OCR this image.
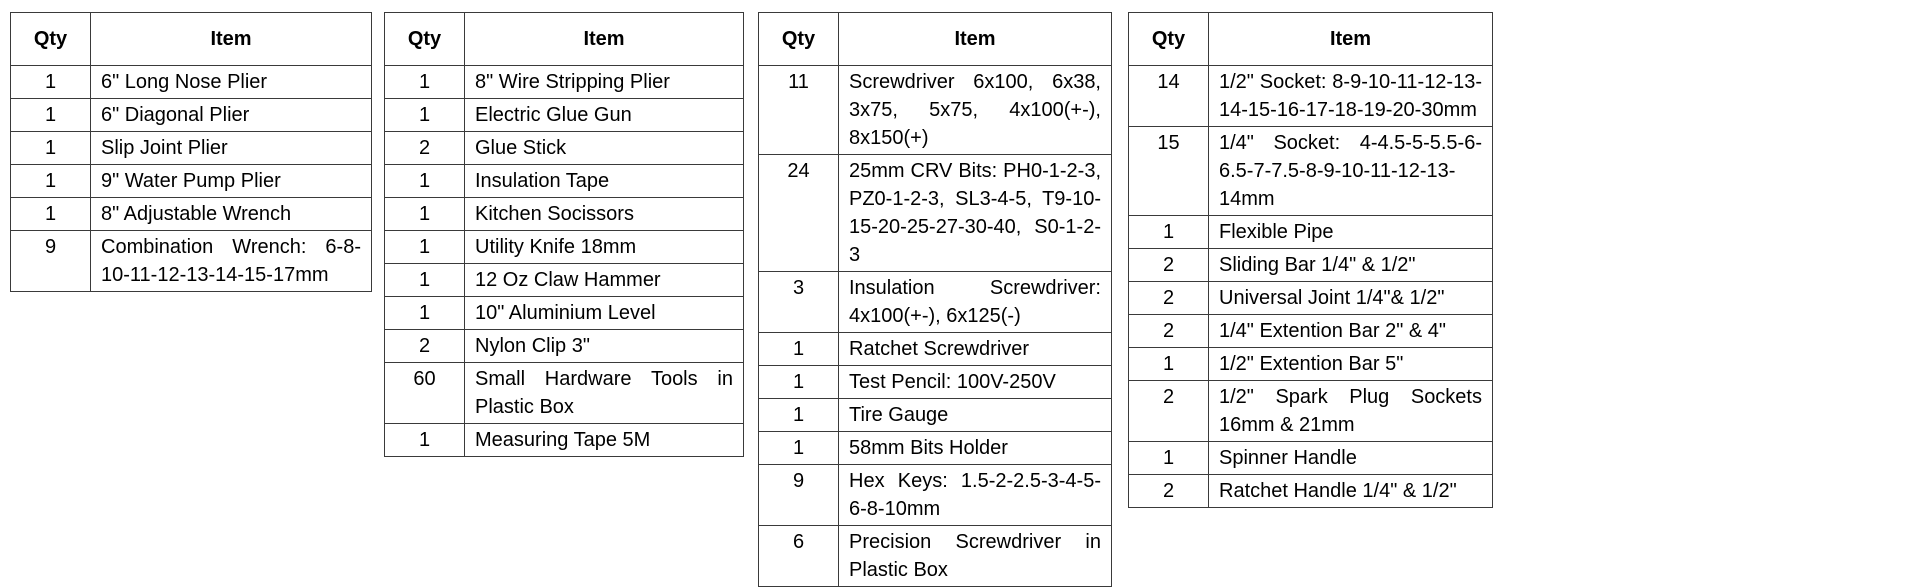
Qty	Item
1	6" Long Nose Plier
1	6" Diagonal Plier
1	Slip Joint Plier
1	9" Water Pump Plier
1	8" Adjustable Wrench
9	Combination Wrench: 6-8-10-11-12-13-14-15-17mm
Qty	Item
1	8" Wire Stripping Plier
1	Electric Glue Gun
2	Glue Stick
1	Insulation Tape
1	Kitchen Socissors
1	Utility Knife 18mm
1	12 Oz Claw Hammer
1	10" Aluminium Level
2	Nylon Clip 3"
60	Small Hardware Tools in Plastic Box
1	Measuring Tape 5M
Qty	Item
11	Screwdriver 6x100, 6x38, 3x75, 5x75, 4x100(+-), 8x150(+)
24	25mm CRV Bits: PH0-1-2-3, PZ0-1-2-3, SL3-4-5, T9-10-15-20-25-27-30-40, S0-1-2-3
3	Insulation Screwdriver: 4x100(+-), 6x125(-)
1	Ratchet Screwdriver
1	Test Pencil: 100V-250V
1	Tire Gauge
1	58mm Bits Holder
9	Hex Keys: 1.5-2-2.5-3-4-5-6-8-10mm
6	Precision Screwdriver in Plastic Box
Qty	Item
14	1/2" Socket: 8-9-10-11-12-13-14-15-16-17-18-19-20-30mm
15	1/4" Socket: 4-4.5-5-5.5-6-6.5-7-7.5-8-9-10-11-12-13-14mm
1	Flexible Pipe
2	Sliding Bar 1/4" & 1/2"
2	Universal Joint 1/4"& 1/2"
2	1/4" Extention Bar 2" & 4"
1	1/2" Extention Bar 5"
2	1/2" Spark Plug Sockets 16mm & 21mm
1	Spinner Handle
2	Ratchet Handle 1/4" & 1/2"
